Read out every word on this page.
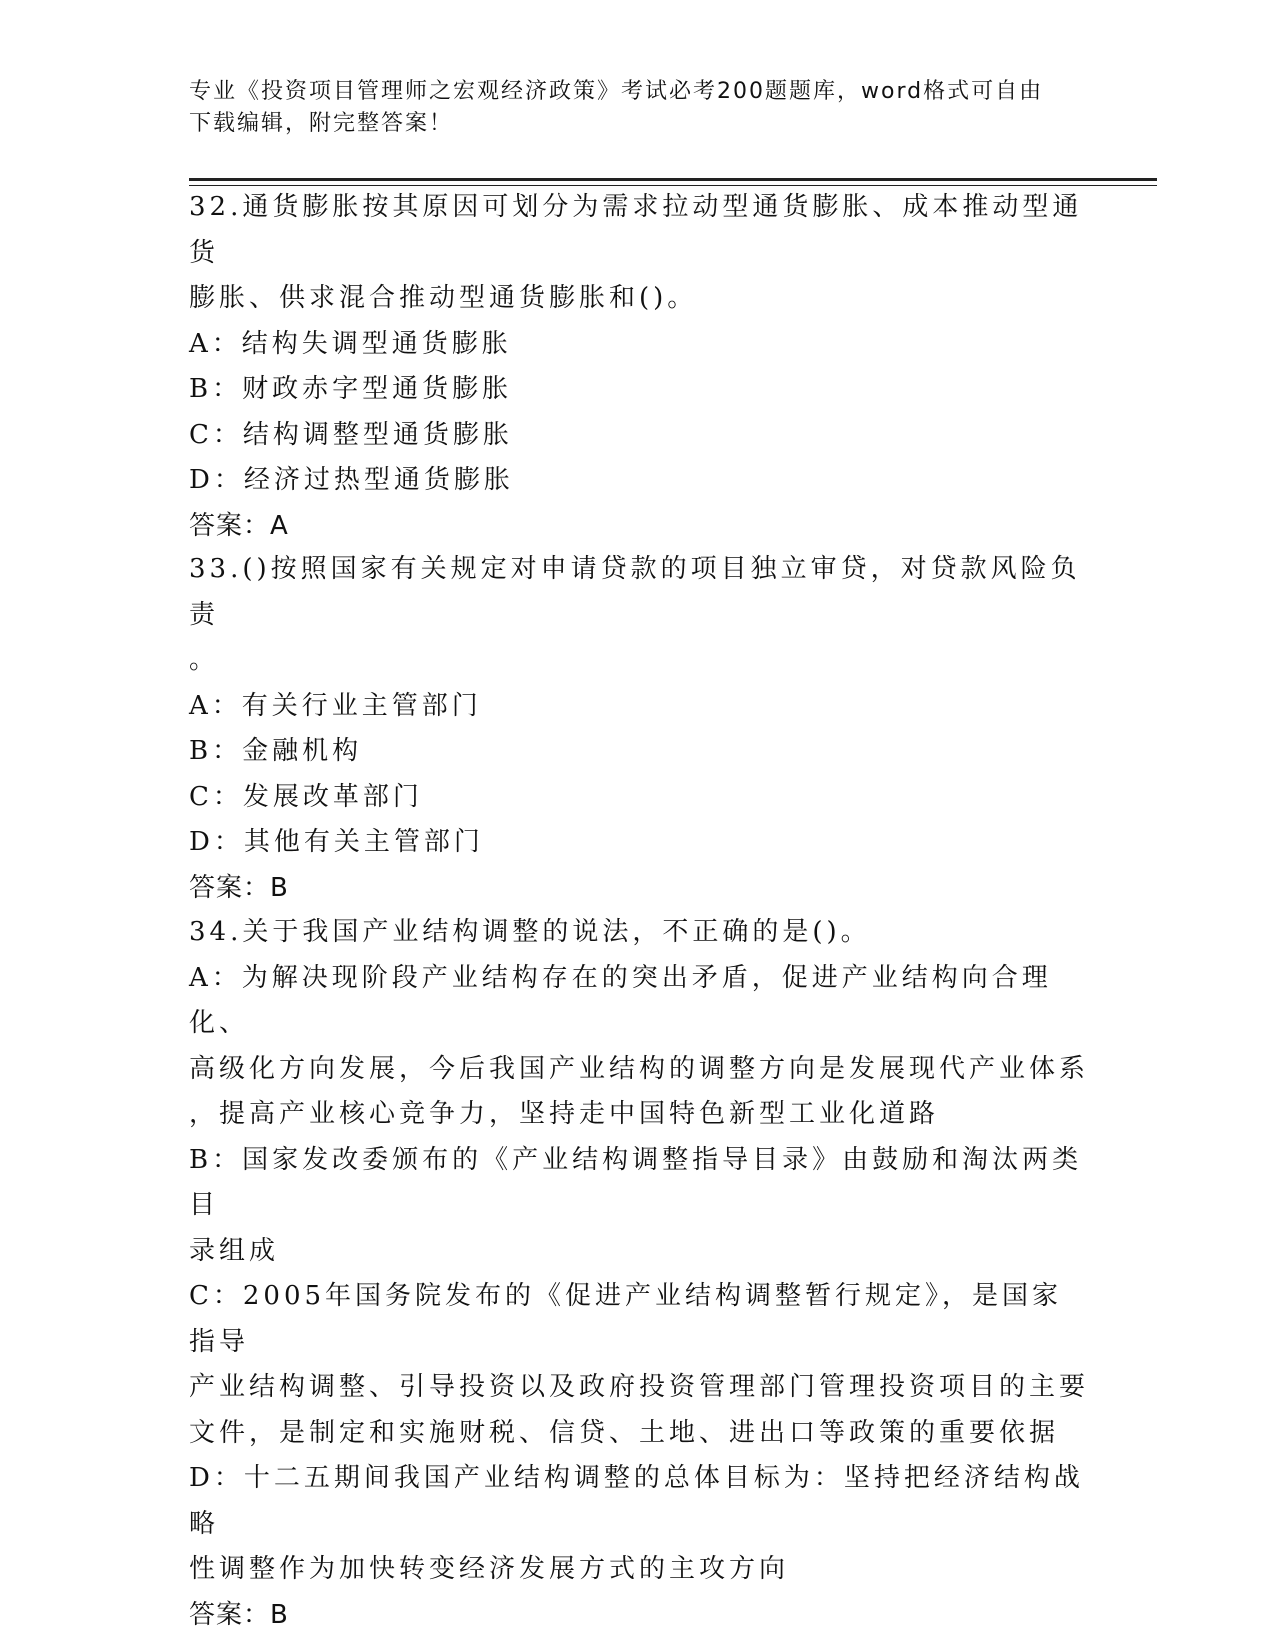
专业《投资项目管理师之宏观经济政策》考试必考200题题库，word格式可自由
下载编辑，附完整答案！

32.通货膨胀按其原因可划分为需求拉动型通货膨胀、成本推动型通货

膨胀、供求混合推动型通货膨胀和()。

A：结构失调型通货膨胀

B：财政赤字型通货膨胀

C：结构调整型通货膨胀

D：经济过热型通货膨胀

答案：A

33.()按照国家有关规定对申请贷款的项目独立审贷，对贷款风险负责

。

A：有关行业主管部门

B：金融机构

C：发展改革部门

D：其他有关主管部门

答案：B

34.关于我国产业结构调整的说法，不正确的是()。

A：为解决现阶段产业结构存在的突出矛盾，促进产业结构向合理化、

高级化方向发展，今后我国产业结构的调整方向是发展现代产业体系

，提高产业核心竞争力，坚持走中国特色新型工业化道路

B：国家发改委颁布的《产业结构调整指导目录》由鼓励和淘汰两类目

录组成

C：2005年国务院发布的《促进产业结构调整暂行规定》，是国家指导

产业结构调整、引导投资以及政府投资管理部门管理投资项目的主要

文件，是制定和实施财税、信贷、土地、进出口等政策的重要依据

D：十二五期间我国产业结构调整的总体目标为：坚持把经济结构战略

性调整作为加快转变经济发展方式的主攻方向

答案：B
